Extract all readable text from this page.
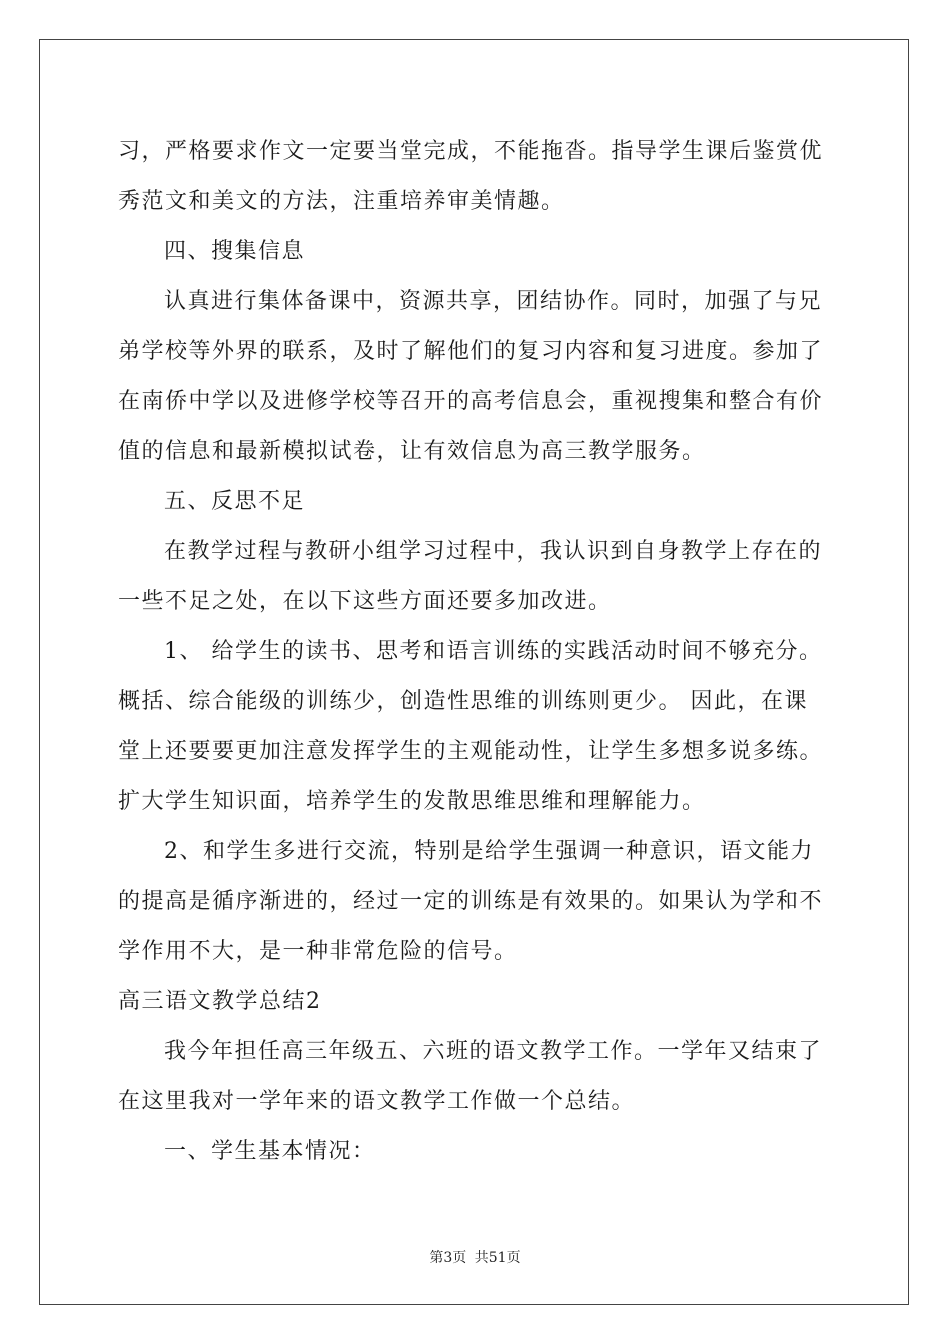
习，严格要求作文一定要当堂完成，不能拖沓。指导学生课后鉴赏优
秀范文和美文的方法，注重培养审美情趣。

四、搜集信息

认真进行集体备课中，资源共享，团结协作。同时，加强了与兄
弟学校等外界的联系，及时了解他们的复习内容和复习进度。参加了
在南侨中学以及进修学校等召开的高考信息会，重视搜集和整合有价
值的信息和最新模拟试卷，让有效信息为高三教学服务。

五、反思不足

在教学过程与教研小组学习过程中，我认识到自身教学上存在的
一些不足之处，在以下这些方面还要多加改进。

1、 给学生的读书、思考和语言训练的实践活动时间不够充分。
概括、综合能级的训练少，创造性思维的训练则更少。 因此，在课
堂上还要要更加注意发挥学生的主观能动性，让学生多想多说多练。
扩大学生知识面，培养学生的发散思维思维和理解能力。

2、和学生多进行交流，特别是给学生强调一种意识，语文能力
的提高是循序渐进的，经过一定的训练是有效果的。如果认为学和不
学作用不大，是一种非常危险的信号。

高三语文教学总结2

我今年担任高三年级五、六班的语文教学工作。一学年又结束了
在这里我对一学年来的语文教学工作做一个总结。

一、学生基本情况：

第3页 共51页
